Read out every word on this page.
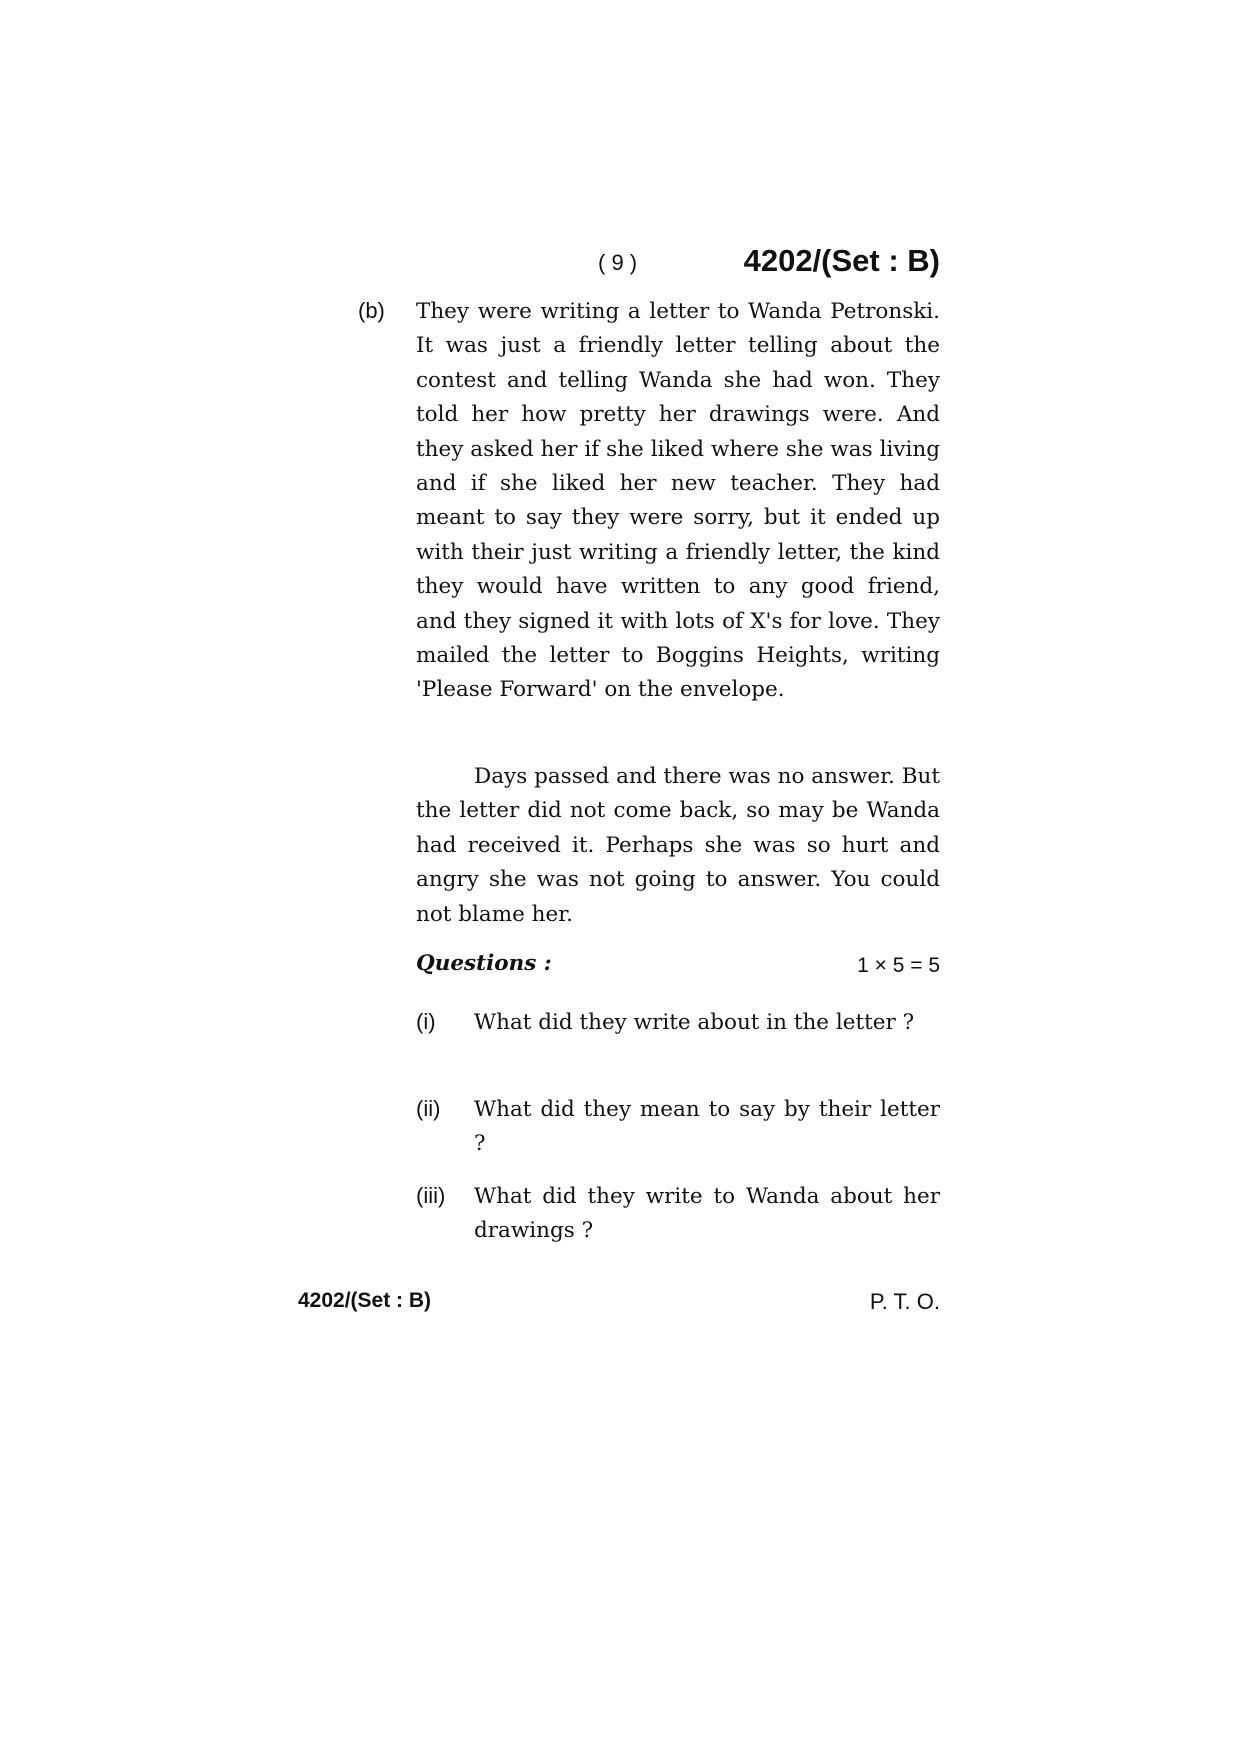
( 9 )	4202/(Set : B)
(b) They were writing a letter to Wanda Petronski. It was just a friendly letter telling about the contest and telling Wanda she had won. They told her how pretty her drawings were. And they asked her if she liked where she was living and if she liked her new teacher. They had meant to say they were sorry, but it ended up with their just writing a friendly letter, the kind they would have written to any good friend, and they signed it with lots of X's for love. They mailed the letter to Boggins Heights, writing 'Please Forward' on the envelope.

Days passed and there was no answer. But the letter did not come back, so may be Wanda had received it. Perhaps she was so hurt and angry she was not going to answer. You could not blame her.

Questions :	1 × 5 = 5
(i) What did they write about in the letter ?

(ii) What did they mean to say by their letter ?

(iii) What did they write to Wanda about her drawings ?

4202/(Set : B)	P. T. O.
